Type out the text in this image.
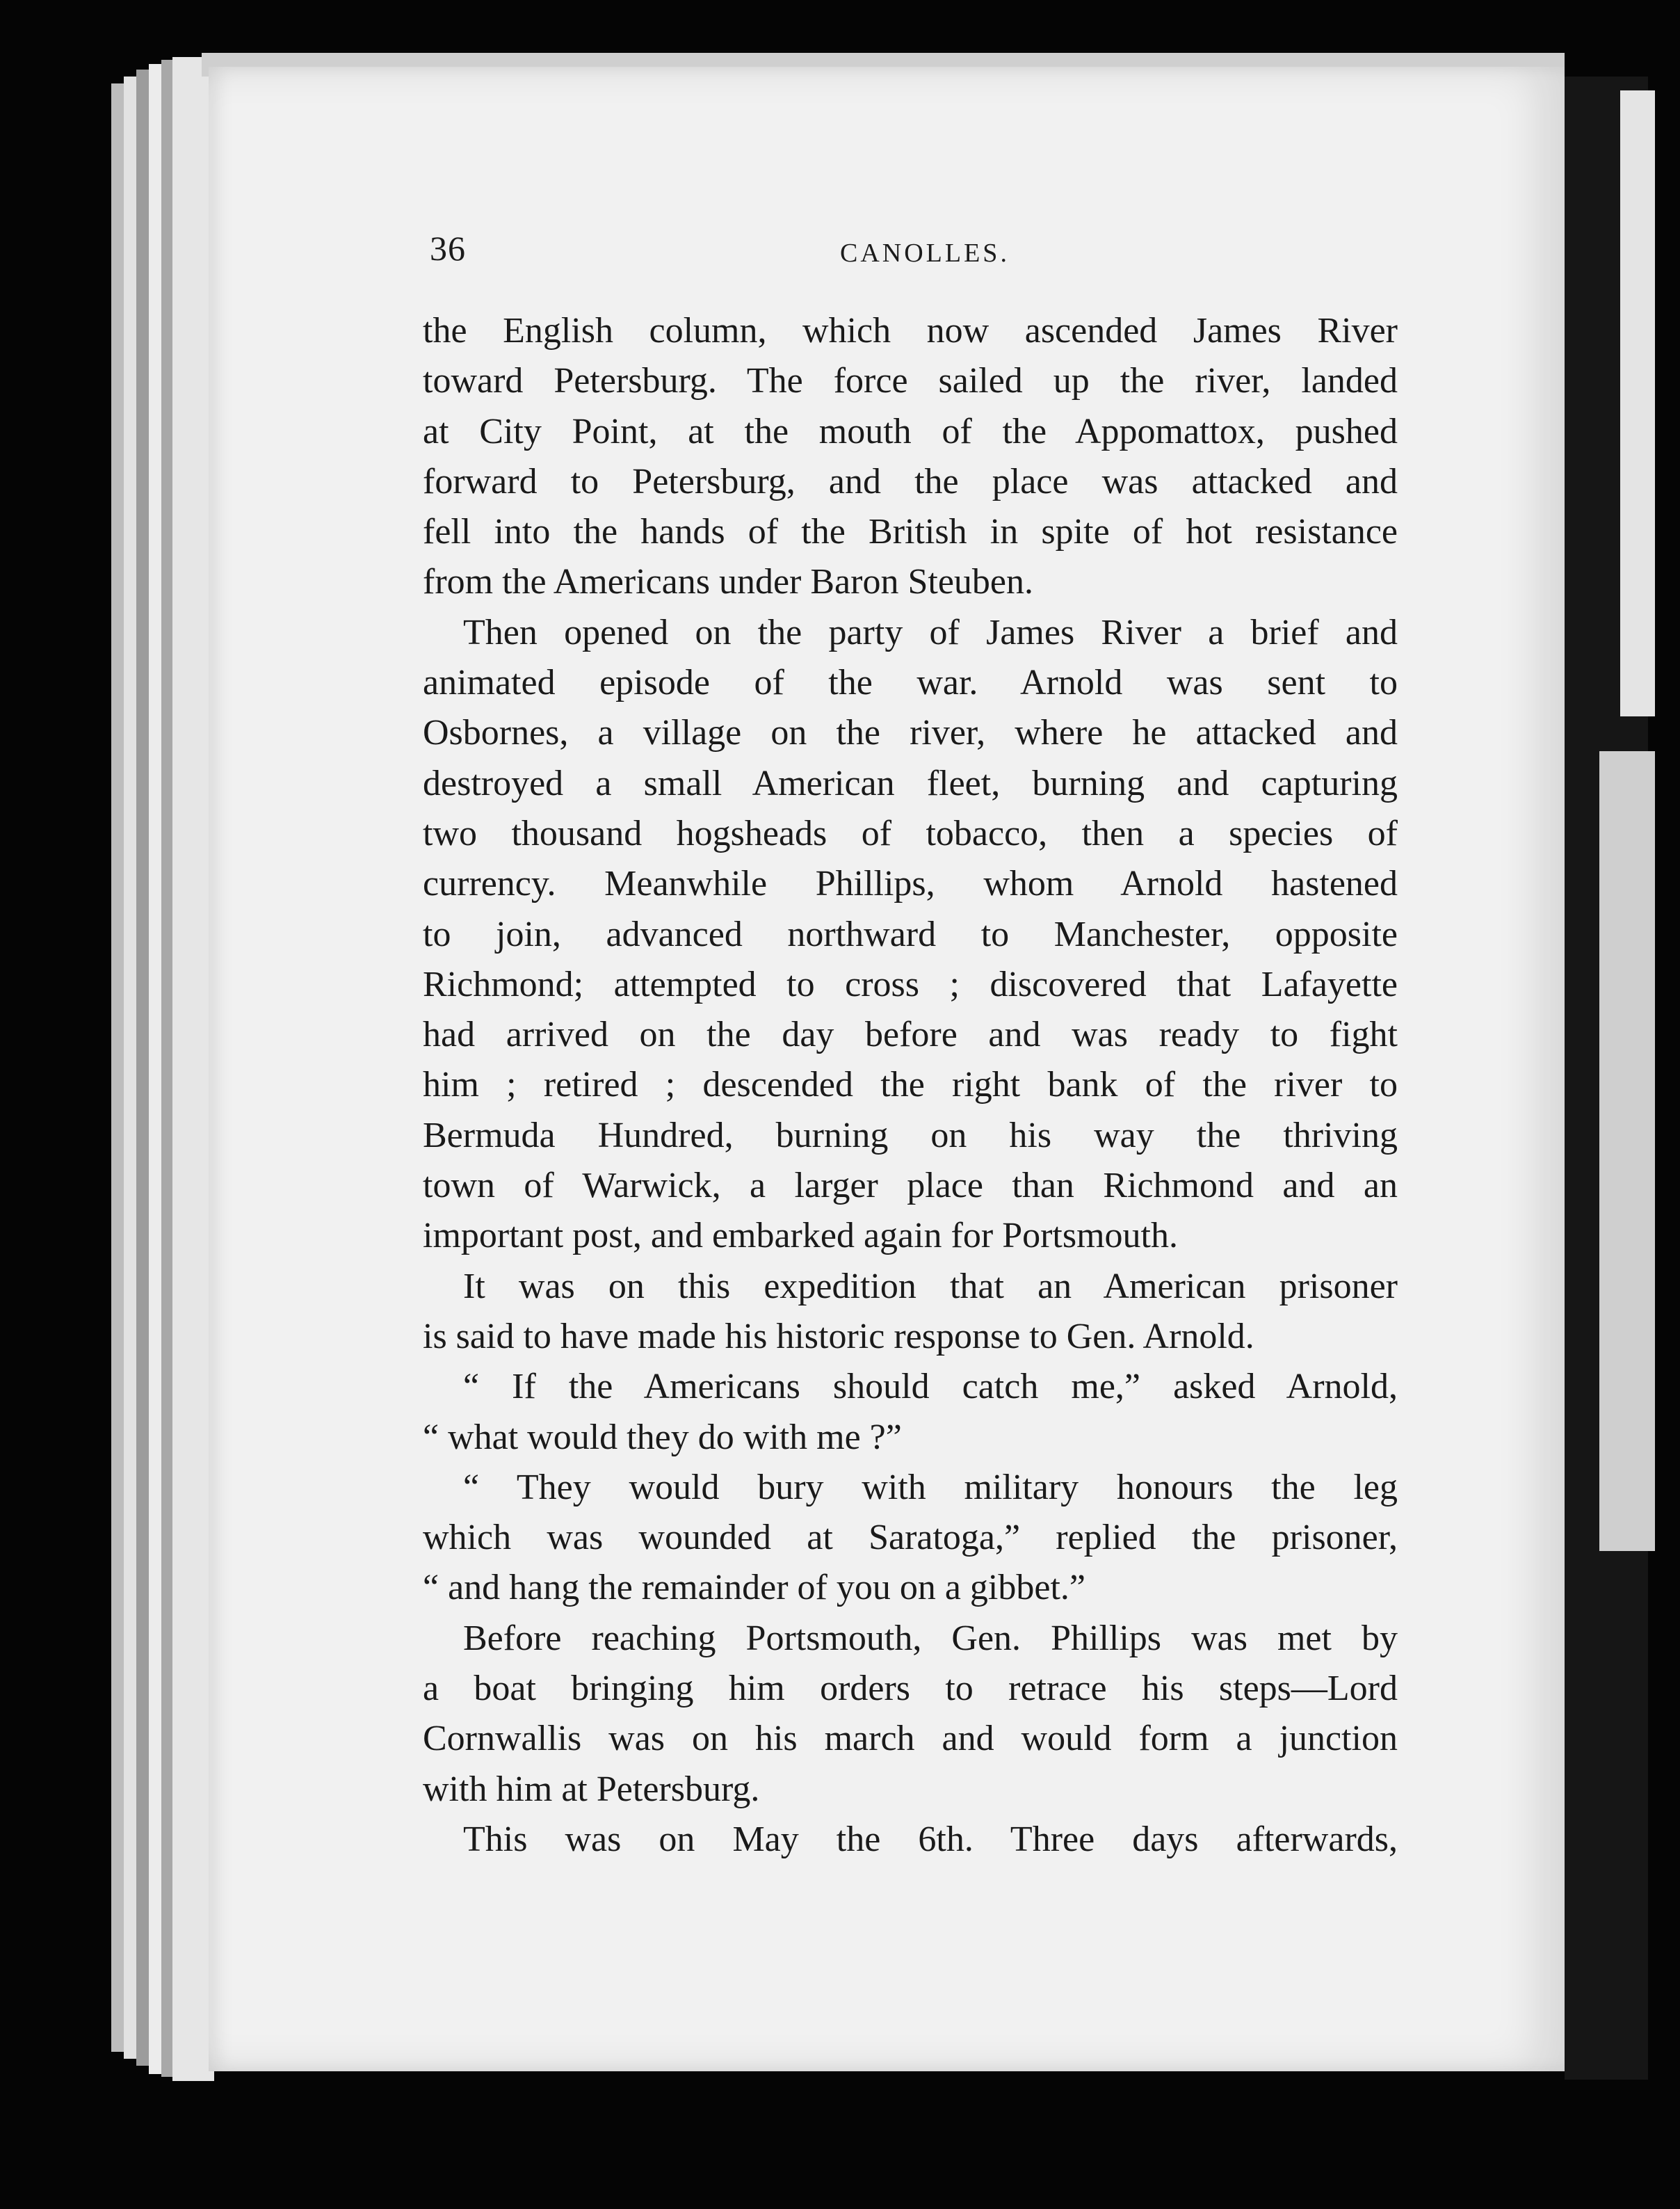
36	CANOLLES.
the English column, which now ascended James River
toward Petersburg. The force sailed up the river, landed
at City Point, at the mouth of the Appomattox, pushed
forward to Petersburg, and the place was attacked and
fell into the hands of the British in spite of hot resistance
from the Americans under Baron Steuben.
Then opened on the party of James River a brief and
animated episode of the war. Arnold was sent to
Osbornes, a village on the river, where he attacked and
destroyed a small American fleet, burning and capturing
two thousand hogsheads of tobacco, then a species of
currency. Meanwhile Phillips, whom Arnold hastened
to join, advanced northward to Manchester, opposite
Richmond; attempted to cross ; discovered that Lafayette
had arrived on the day before and was ready to fight
him ; retired ; descended the right bank of the river to
Bermuda Hundred, burning on his way the thriving
town of Warwick, a larger place than Richmond and an
important post, and embarked again for Portsmouth.
It was on this expedition that an American prisoner
is said to have made his historic response to Gen. Arnold.
“ If the Americans should catch me,” asked Arnold,
“ what would they do with me ?”
“ They would bury with military honours the leg
which was wounded at Saratoga,” replied the prisoner,
“ and hang the remainder of you on a gibbet.”
Before reaching Portsmouth, Gen. Phillips was met by
a boat bringing him orders to retrace his steps—Lord
Cornwallis was on his march and would form a junction
with him at Petersburg.
This was on May the 6th. Three days afterwards,
